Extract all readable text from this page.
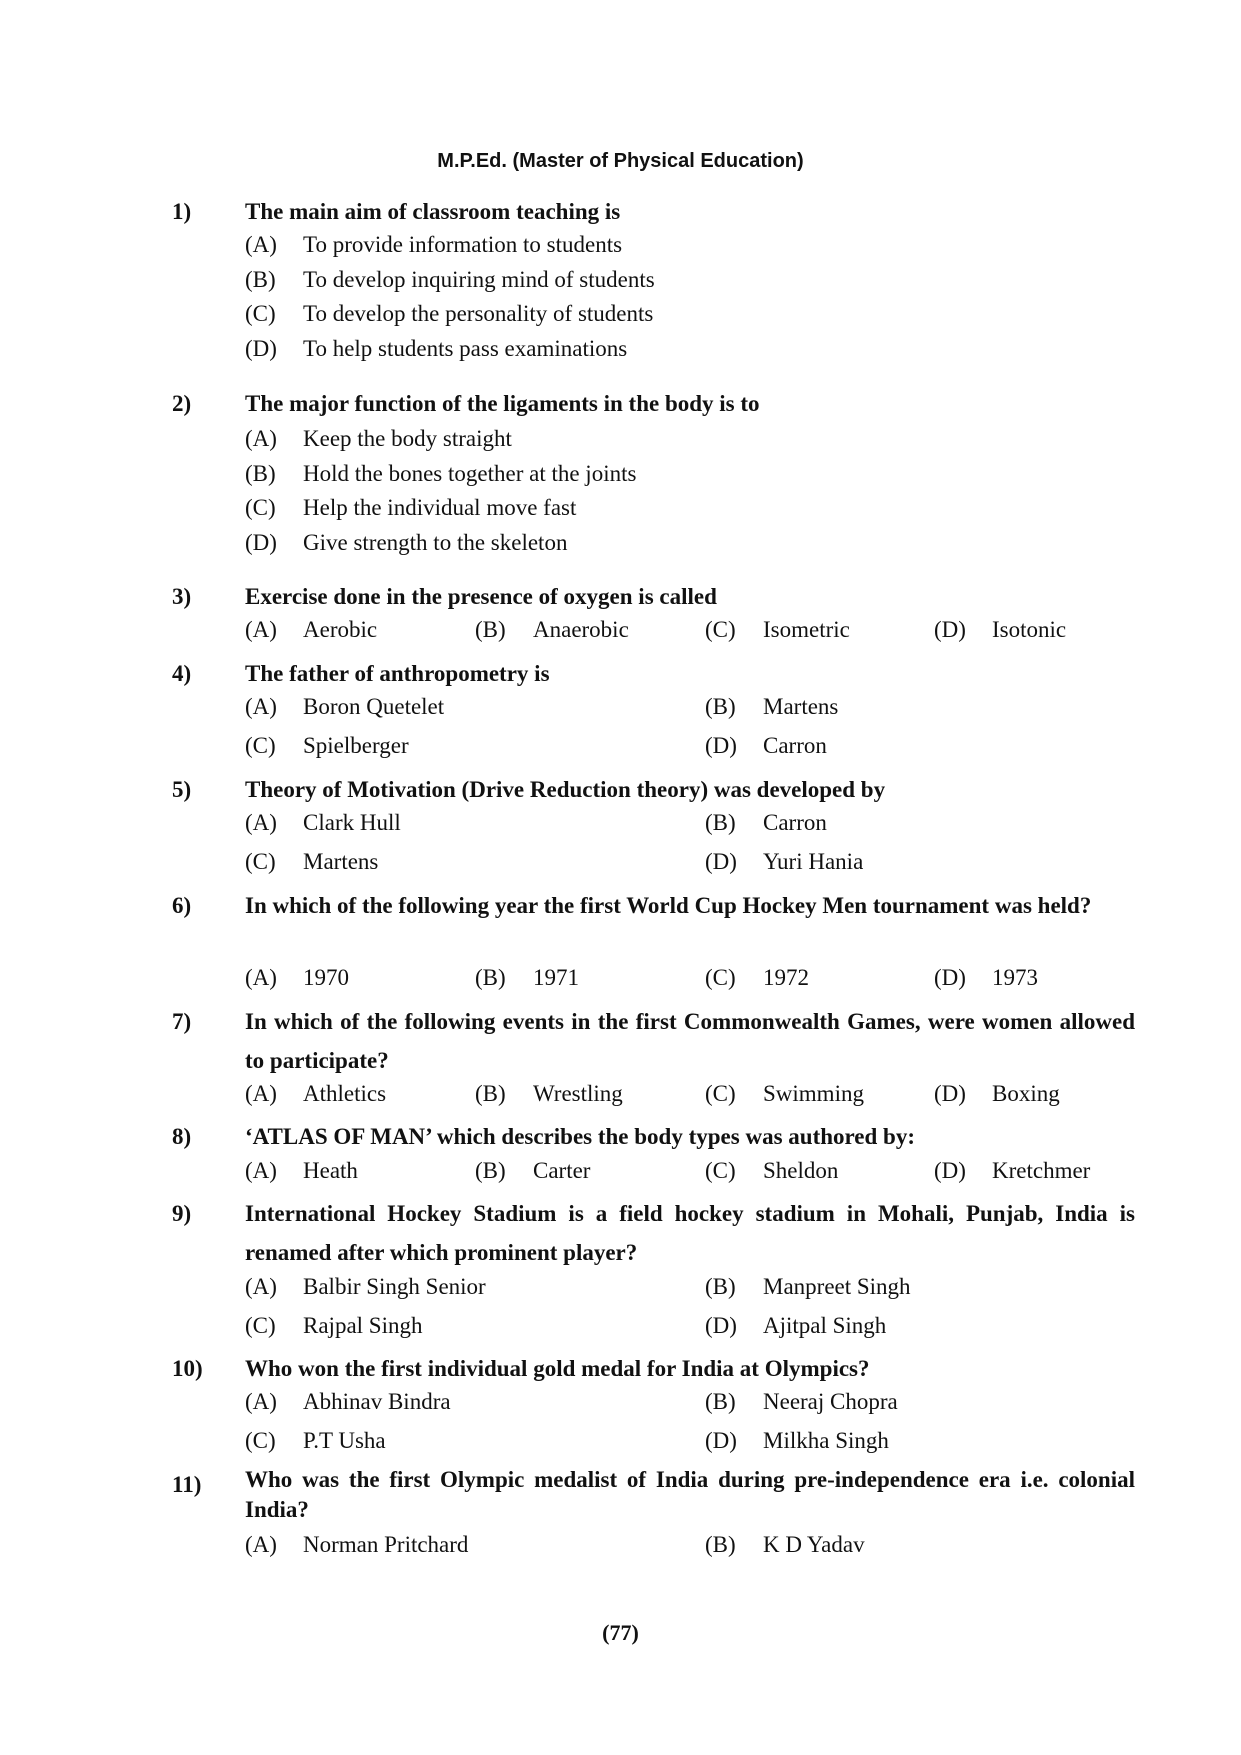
M.P.Ed. (Master of Physical Education)
1) The main aim of classroom teaching is
(A) To provide information to students
(B) To develop inquiring mind of students
(C) To develop the personality of students
(D) To help students pass examinations
2) The major function of the ligaments in the body is to
(A) Keep the body straight
(B) Hold the bones together at the joints
(C) Help the individual move fast
(D) Give strength to the skeleton
3) Exercise done in the presence of oxygen is called
(A) Aerobic	(B) Anaerobic	(C) Isometric	(D) Isotonic
4) The father of anthropometry is
(A) Boron Quetelet	(B) Martens
(C) Spielberger	(D) Carron
5) Theory of Motivation (Drive Reduction theory) was developed by
(A) Clark Hull	(B) Carron
(C) Martens	(D) Yuri Hania
6) In which of the following year the first World Cup Hockey Men tournament was held?
(A) 1970	(B) 1971	(C) 1972	(D) 1973
7) In which of the following events in the first Commonwealth Games, were women allowed to participate?
(A) Athletics	(B) Wrestling	(C) Swimming	(D) Boxing
8) ‘ATLAS OF MAN’ which describes the body types was authored by:
(A) Heath	(B) Carter	(C) Sheldon	(D) Kretchmer
9) International Hockey Stadium is a field hockey stadium in Mohali, Punjab, India is renamed after which prominent player?
(A) Balbir Singh Senior	(B) Manpreet Singh
(C) Rajpal Singh	(D) Ajitpal Singh
10) Who won the first individual gold medal for India at Olympics?
(A) Abhinav Bindra	(B) Neeraj Chopra
(C) P.T Usha	(D) Milkha Singh
11) Who was the first Olympic medalist of India during pre-independence era i.e. colonial India?
(A) Norman Pritchard	(B) K D Yadav
(77)
